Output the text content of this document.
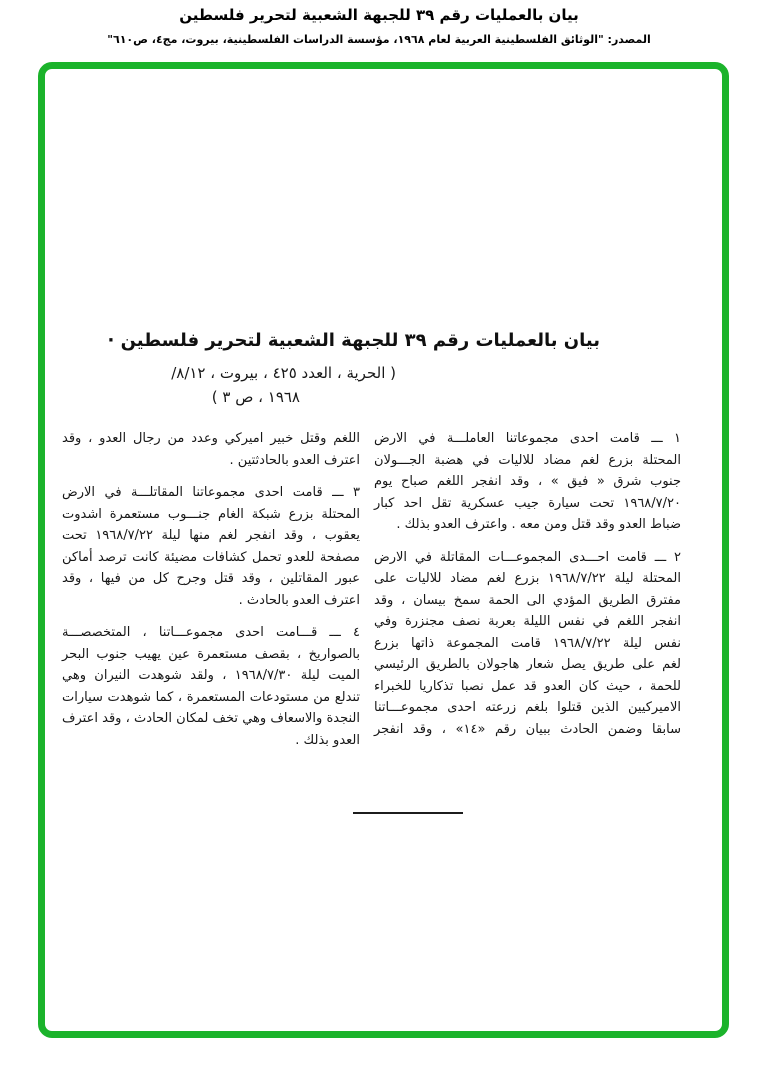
بيان بالعمليات رقم ٣٩ للجبهة الشعبية لتحرير فلسطين
المصدر: "الوثائق الفلسطينية العربية لعام ١٩٦٨، مؤسسة الدراسات الفلسطينية، بيروت، مج٤، ص٦١٠"
بيان بالعمليات رقم ٣٩ للجبهة الشعبية لتحرير فلسطين ·
( الحرية ، العدد ٤٢٥ ، بيروت ، ٨/١٢/
١٩٦٨ ، ص ٣ )
١ ـــ قامت احدى مجموعاتنا العاملـــة في الارض
المحتلة بزرع لغم مضاد للاليات في هضبة الجـــولان
جنوب شرق « فيق » ، وقد انفجر اللغم صباح يوم
١٩٦٨/٧/٢٠ تحت سيارة جيب عسكرية تقل احد كبار
ضباط العدو وقد قتل ومن معه . واعترف العدو بذلك .
٢ ـــ قامت احـــدى المجموعـــات المقاتلة في الارض
المحتلة ليلة ١٩٦٨/٧/٢٢ بزرع لغم مضاد للاليات على
مفترق الطريق المؤدي الى الحمة سمخ بيسان ، وقد
انفجر اللغم في نفس الليلة بعربة نصف مجنزرة وفي
نفس ليلة ١٩٦٨/٧/٢٢ قامت المجموعة ذاتها بزرع
لغم على طريق يصل شعار هاجولان بالطريق الرئيسي
للحمة ، حيث كان العدو قد عمل نصبا تذكاريا للخبراء
الاميركيين الذين قتلوا بلغم زرعته احدى مجموعـــاتنا
سابقا وضمن الحادث ببيان رقم «١٤» ، وقد انفجر
اللغم وقتل خبير اميركي وعدد من رجال العدو ، وقد
اعترف العدو بالحادثتين .
٣ ـــ قامت احدى مجموعاتنا المقاتلـــة في الارض
المحتلة بزرع شبكة الغام جنـــوب مستعمرة اشدوت
يعقوب ، وقد انفجر لغم منها ليلة ١٩٦٨/٧/٢٢ تحت
مصفحة للعدو تحمل كشافات مضيئة كانت ترصد أماكن
عبور المقاتلين ، وقد قتل وجرح كل من فيها ، وقد
اعترف العدو بالحادث .
٤ ـــ قـــامت احدى مجموعـــاتنا ، المتخصصـــة
بالصواريخ ، بقصف مستعمرة عين يهيب جنوب البحر
الميت ليلة ١٩٦٨/٧/٣٠ ، ولقد شوهدت النيران وهي
تندلع من مستودعات المستعمرة ، كما شوهدت سيارات
النجدة والاسعاف وهي تخف لمكان الحادث ، وقد اعترف
العدو بذلك .
